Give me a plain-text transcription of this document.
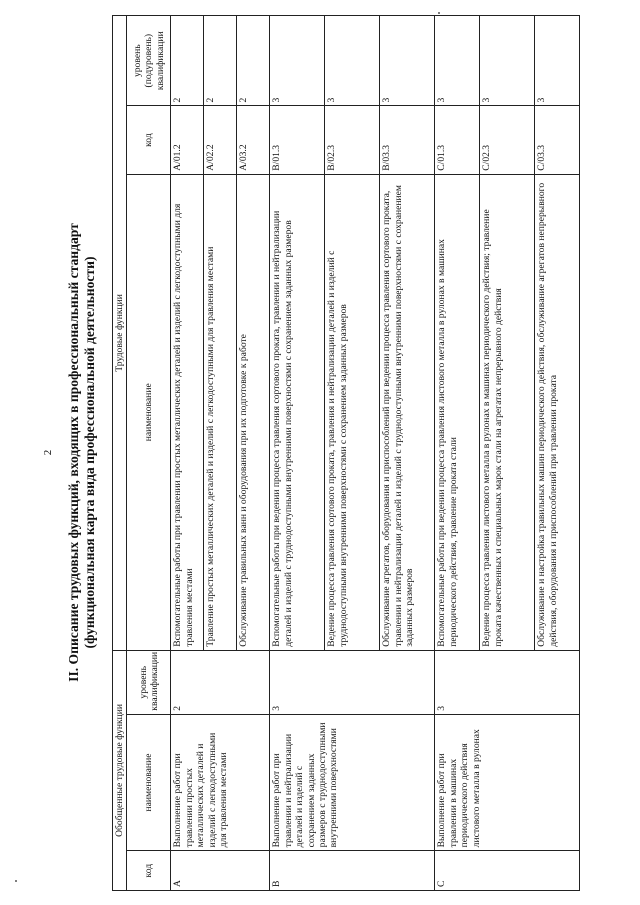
2 II. Описание трудовых функций, входящих в профессиональный стандарт (функциональная карта вида профессиональной деятельности)
Обобщенные трудовые функции			Трудовые функции		
код	наименование	уровень квалификации	наименование	код	уровень (подуровень) квалификации
A	Выполнение работ при травлении простых металлических деталей и изделий с легкодоступными для травления местами	2	Вспомогательные работы при травлении простых металлических деталей и изделий с легкодоступными для травления местами	A/01.2	2
			Травление простых металлических деталей и изделий с легкодоступными для травления местами	A/02.2	2
			Обслуживание травильных ванн и оборудования при их подготовке к работе	A/03.2	2
B	Выполнение работ при травлении и нейтрализации деталей и изделий с сохранением заданных размеров с труднодоступными внутренними поверхностями	3	Вспомогательные работы при ведении процесса травления сортового проката, травлении и нейтрализации деталей и изделий с труднодоступными внутренними поверхностями с сохранением заданных размеров	B/01.3	3
			Ведение процесса травления сортового проката, травления и нейтрализации деталей и изделий с труднодоступными внутренними поверхностями с сохранением заданных размеров	B/02.3	3
			Обслуживание агрегатов, оборудования и приспособлений при ведении процесса травления сортового проката, травлении и нейтрализации деталей и изделий с труднодоступными внутренними поверхностями с сохранением заданных размеров	B/03.3	3
C	Выполнение работ при травлении в машинах периодического действия листового металла в рулонах	3	Вспомогательные работы при ведении процесса травления листового металла в рулонах в машинах периодического действия, травление проката стали	C/01.3	3
			Ведение процесса травления листового металла в рулонах в машинах периодического действия; травление проката качественных и специальных марок стали на агрегатах непрерывного действия	C/02.3	3
			Обслуживание и настройка травильных машин периодического действия, обслуживание агрегатов непрерывного действия, оборудования и приспособлений при травлении проката	C/03.3	3
